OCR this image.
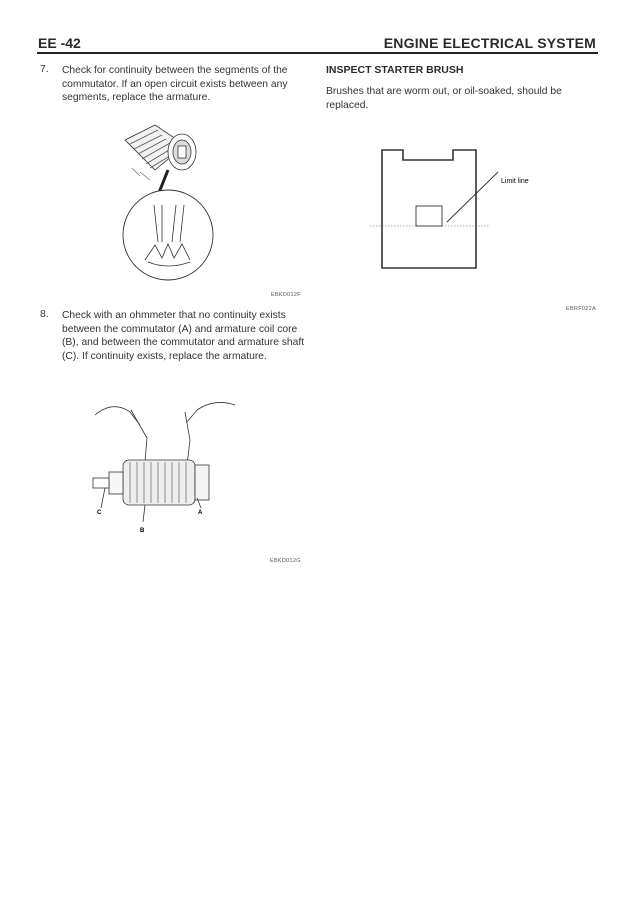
EE -42	ENGINE ELECTRICAL SYSTEM
7. Check for continuity between the segments of the commutator. If an open circuit exists between any segments, replace the armature.
EBKD012F
8. Check with an ohmmeter that no continuity exists between the commutator (A) and armature coil core (B), and between the commutator and armature shaft (C). If continuity exists, replace the armature.
C
B
A
EBKD012G
INSPECT STARTER BRUSH
Brushes that are worm out, or oil-soaked, should be replaced.
Limit line
EBRF022A
